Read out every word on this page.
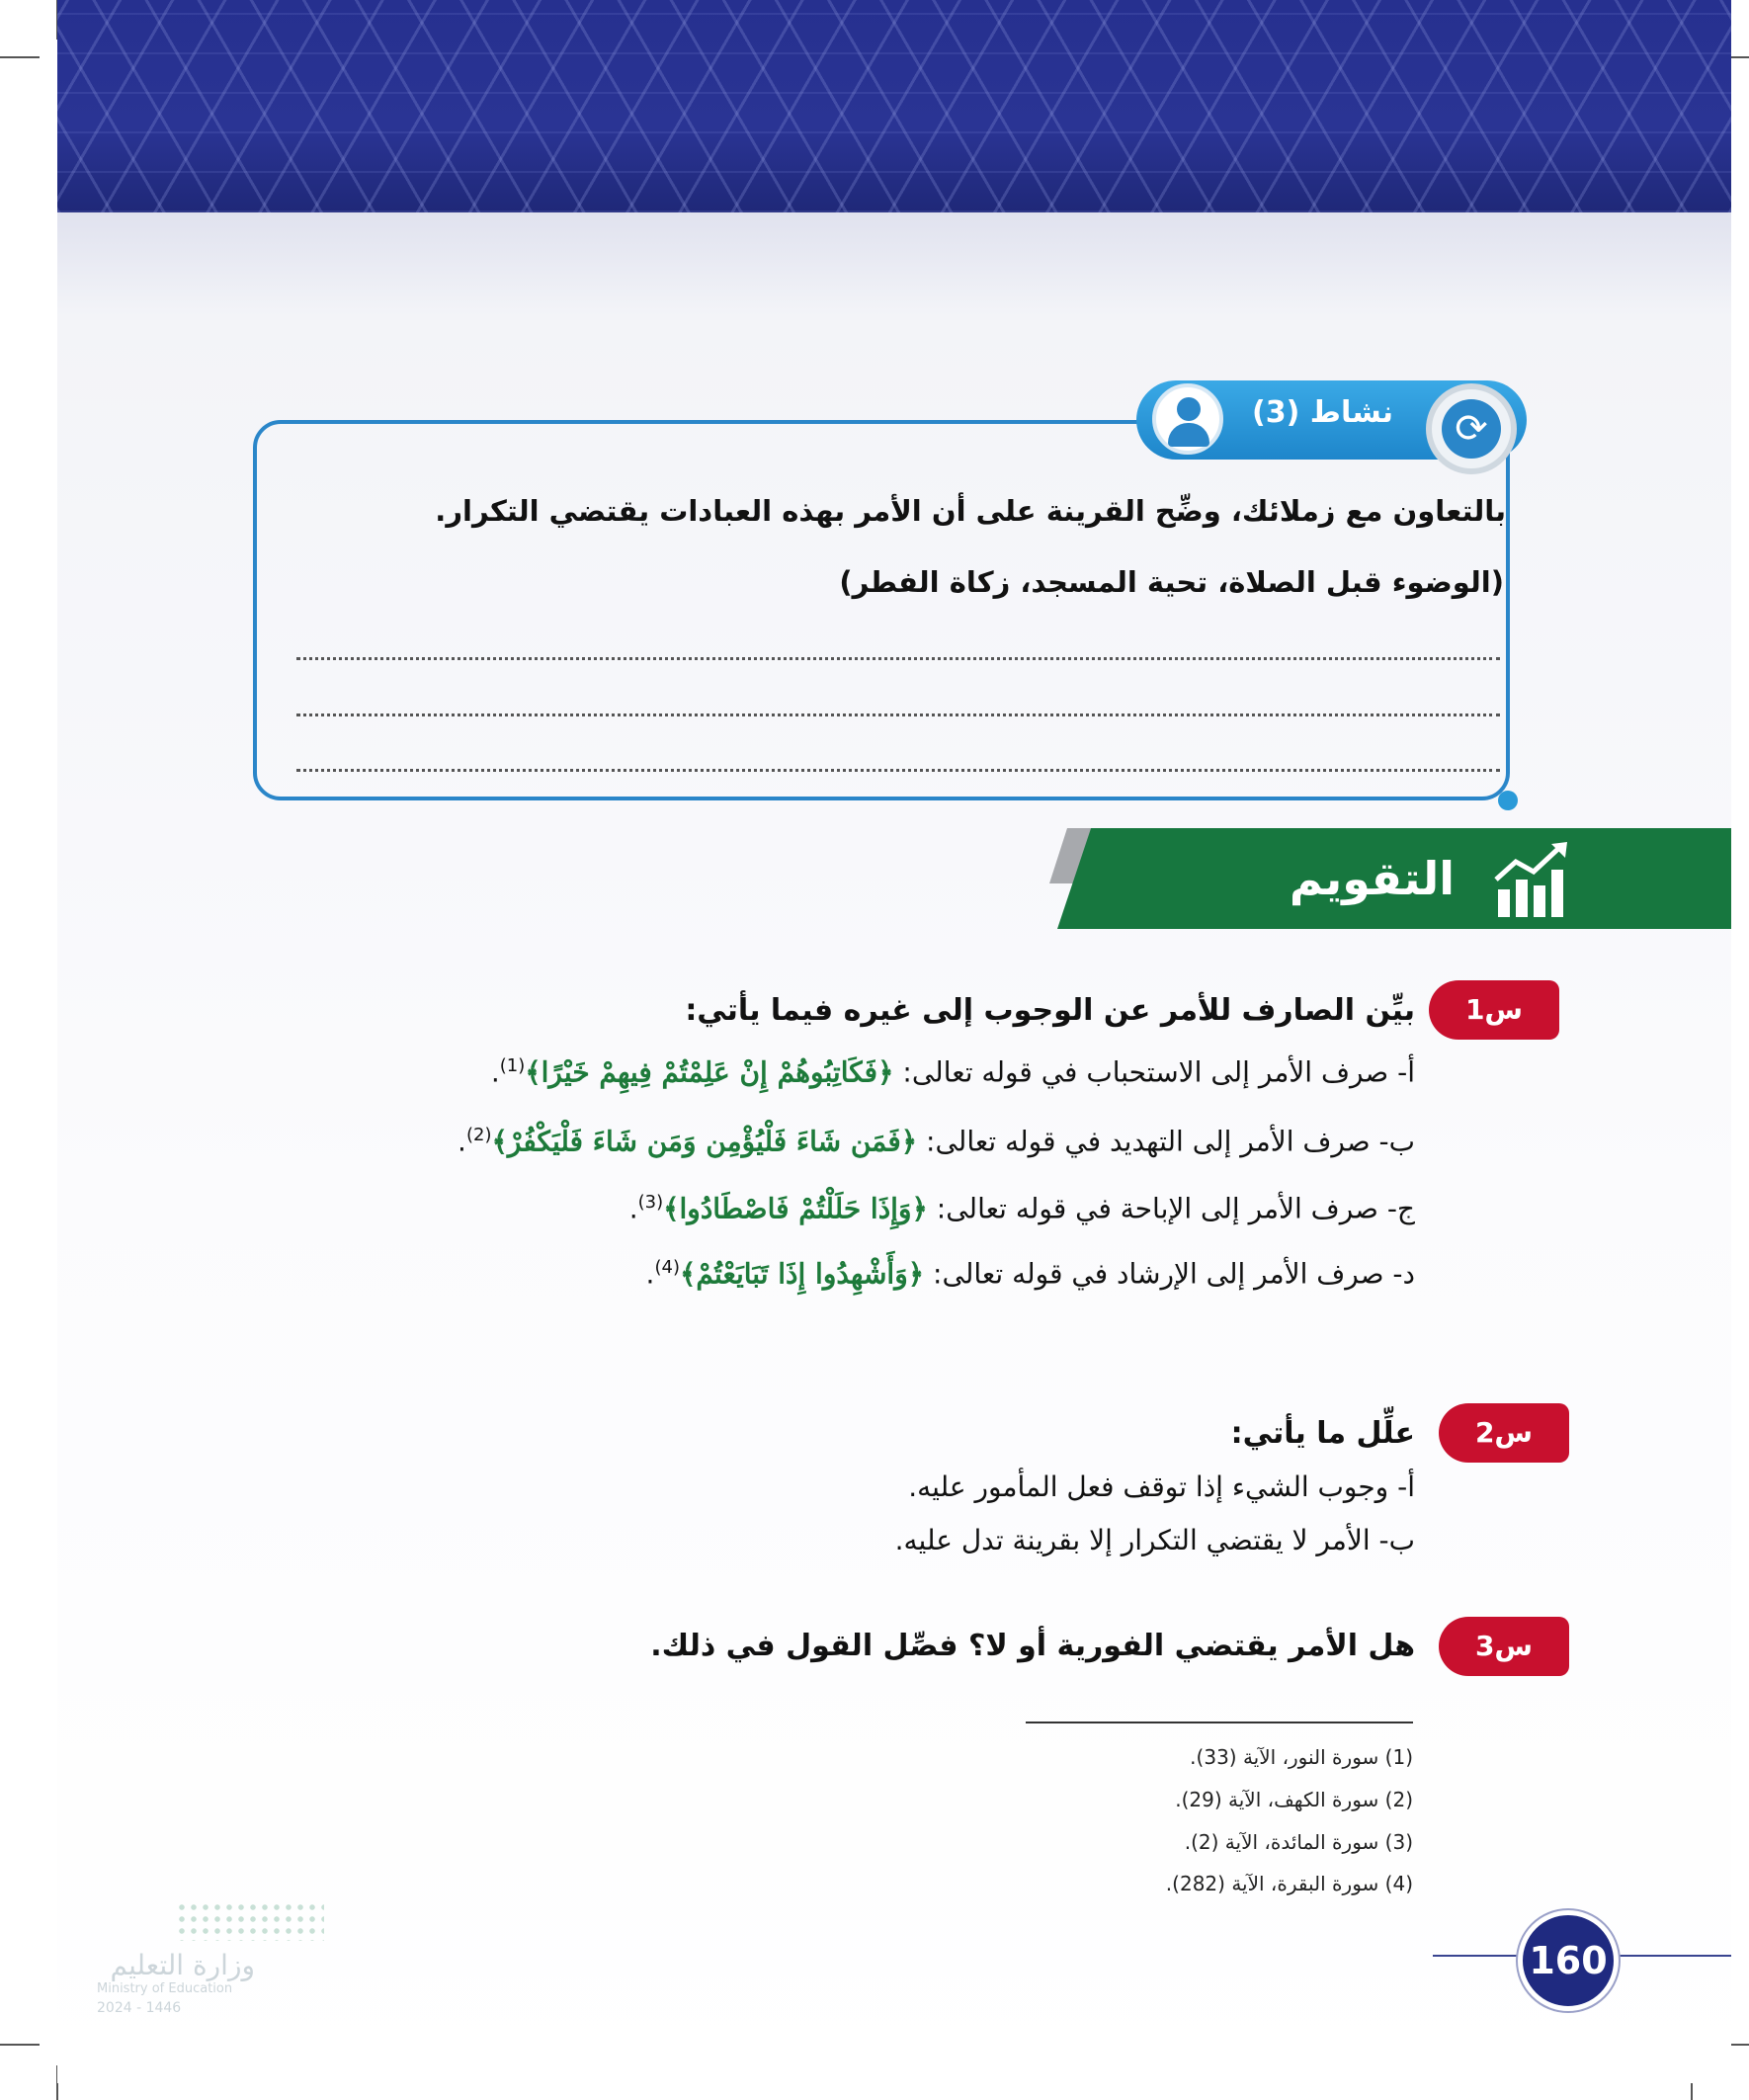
نشاط (3)	⟳
بالتعاون مع زملائك، وضِّح القرينة على أن الأمر بهذه العبادات يقتضي التكرار.
(الوضوء قبل الصلاة، تحية المسجد، زكاة الفطر)
التقويم
س1
بيِّن الصارف للأمر عن الوجوب إلى غيره فيما يأتي:
أ- صرف الأمر إلى الاستحباب في قوله تعالى: ﴿فَكَاتِبُوهُمْ إِنْ عَلِمْتُمْ فِيهِمْ خَيْرًا﴾$^{(1)}$.
ب- صرف الأمر إلى التهديد في قوله تعالى: ﴿فَمَن شَاءَ فَلْيُؤْمِن وَمَن شَاءَ فَلْيَكْفُرْ﴾$^{(2)}$.
ج- صرف الأمر إلى الإباحة في قوله تعالى: ﴿وَإِذَا حَلَلْتُمْ فَاصْطَادُوا﴾$^{(3)}$.
د- صرف الأمر إلى الإرشاد في قوله تعالى: ﴿وَأَشْهِدُوا إِذَا تَبَايَعْتُمْ﴾$^{(4)}$.
س2
علِّل ما يأتي:
أ- وجوب الشيء إذا توقف فعل المأمور عليه.
ب- الأمر لا يقتضي التكرار إلا بقرينة تدل عليه.
س3
هل الأمر يقتضي الفورية أو لا؟ فصِّل القول في ذلك.
(1) سورة النور، الآية (33).
(2) سورة الكهف، الآية (29).
(3) سورة المائدة، الآية (2).
(4) سورة البقرة، الآية (282).
160
وزارة التعليم
Ministry of Education
2024 - 1446
